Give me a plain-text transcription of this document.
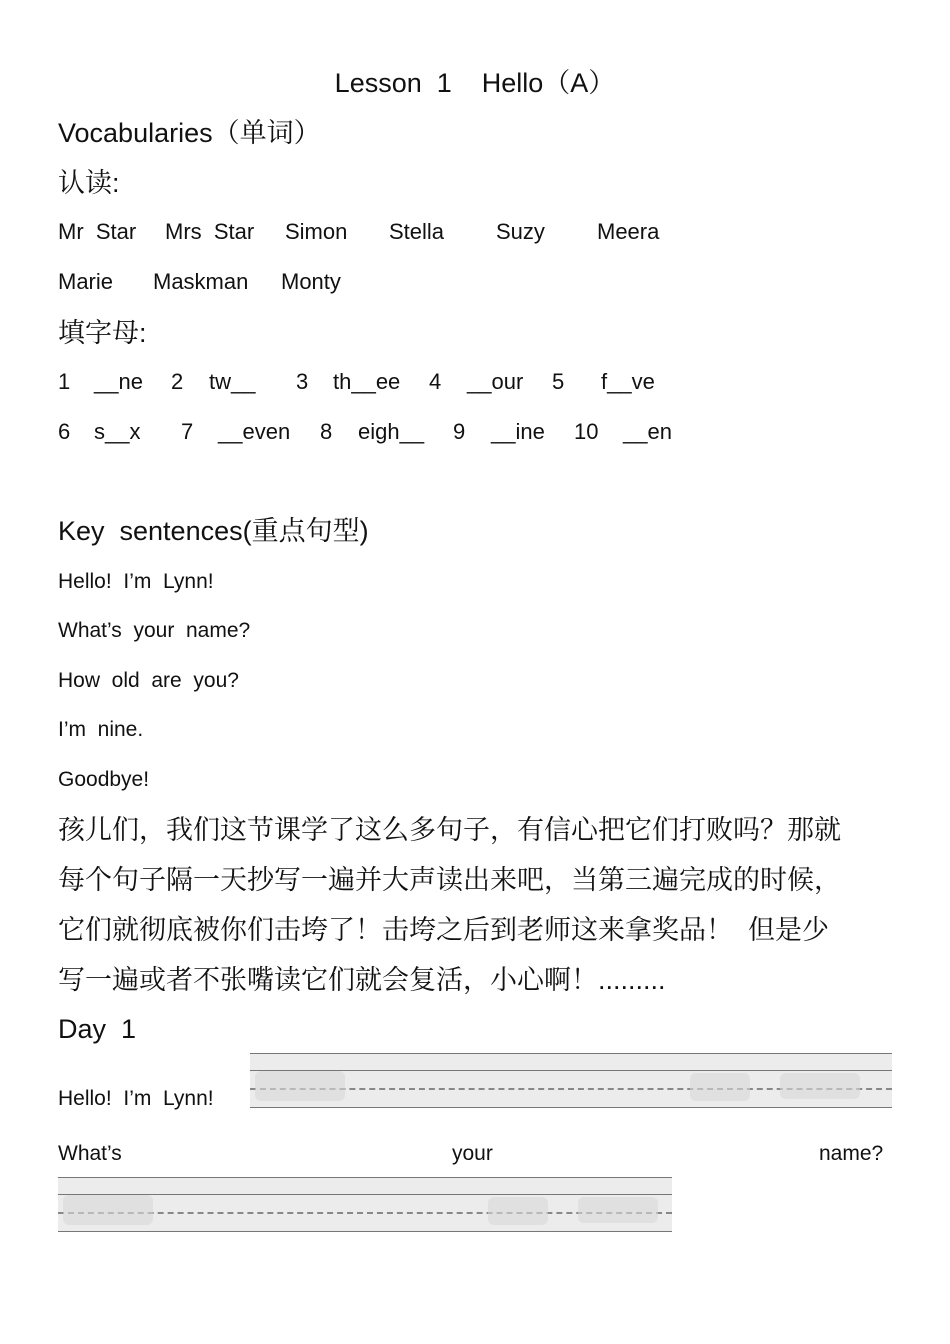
Lesson  1    Hello（A）
Vocabularies（单词）
认读:
Mr  Star Mrs  Star Simon Stella Suzy Meera
Marie Maskman Monty
填字母:
1 __ne 2 tw__ 3 th__ee 4 __our 5 f__ve
6 s__x 7 __even 8 eigh__ 9 __ine 10 __en
Key  sentences(重点句型)
Hello!  I’m  Lynn!
What’s  your  name?
How  old  are  you?
I’m  nine.
Goodbye!
孩儿们，我们这节课学了这么多句子，有信心把它们打败吗？那就
每个句子隔一天抄写一遍并大声读出来吧，当第三遍完成的时候，
它们就彻底被你们击垮了！击垮之后到老师这来拿奖品！  但是少
写一遍或者不张嘴读它们就会复活，小心啊！.........
Day  1
Hello!  I’m  Lynn!
What’s	your	name?
